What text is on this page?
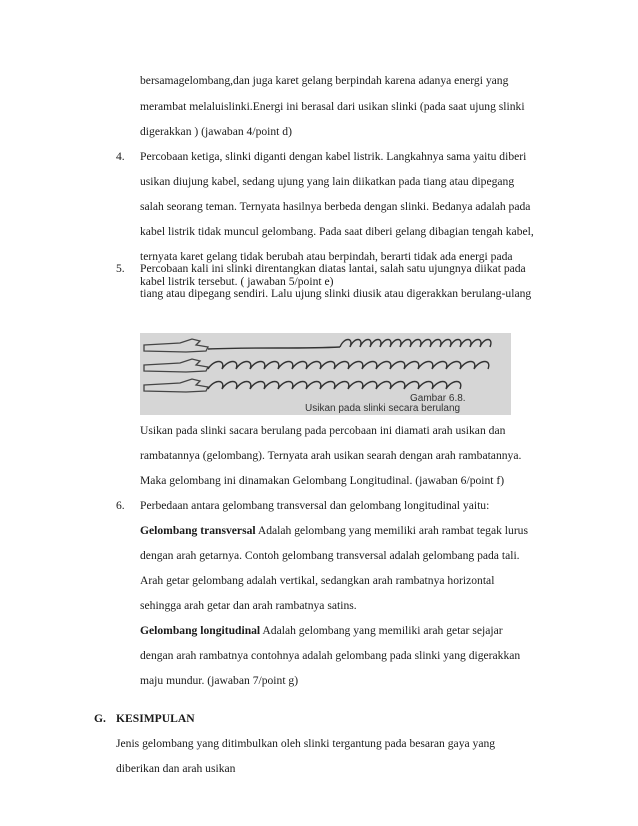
bersamagelombang,dan juga karet gelang berpindah karena adanya energi yang
merambat melaluislinki.Energi ini berasal dari usikan slinki (pada saat ujung slinki
digerakkan ) (jawaban 4/point d)
4. Percobaan ketiga, slinki diganti dengan kabel listrik. Langkahnya sama yaitu diberi
usikan diujung kabel, sedang ujung yang lain diikatkan pada tiang atau dipegang
salah seorang teman. Ternyata hasilnya berbeda dengan slinki. Bedanya adalah pada
kabel listrik tidak muncul gelombang. Pada saat diberi gelang dibagian tengah kabel,
ternyata karet gelang tidak berubah atau berpindah, berarti tidak ada energi pada
kabel listrik tersebut. ( jawaban 5/point e)
5. Percobaan kali ini slinki direntangkan diatas lantai, salah satu ujungnya diikat pada
tiang atau dipegang sendiri. Lalu ujung slinki diusik atau digerakkan berulang-ulang
Gambar 6.8.
Usikan pada slinki secara berulang
Usikan pada slinki sacara berulang pada percobaan ini diamati arah usikan dan
rambatannya (gelombang). Ternyata arah usikan searah dengan arah rambatannya.
Maka gelombang ini dinamakan Gelombang Longitudinal. (jawaban 6/point f)
6. Perbedaan antara gelombang transversal dan gelombang longitudinal yaitu:
Gelombang transversal Adalah gelombang yang memiliki arah rambat tegak lurus
dengan arah getarnya. Contoh gelombang transversal adalah gelombang pada tali.
Arah getar gelombang adalah vertikal, sedangkan arah rambatnya horizontal
sehingga arah getar dan arah rambatnya satins.
Gelombang longitudinal Adalah gelombang yang memiliki arah getar sejajar
dengan arah rambatnya contohnya adalah gelombang pada slinki yang digerakkan
maju mundur. (jawaban 7/point g)
G. KESIMPULAN
Jenis gelombang yang ditimbulkan oleh slinki tergantung pada besaran gaya yang
diberikan dan arah usikan
